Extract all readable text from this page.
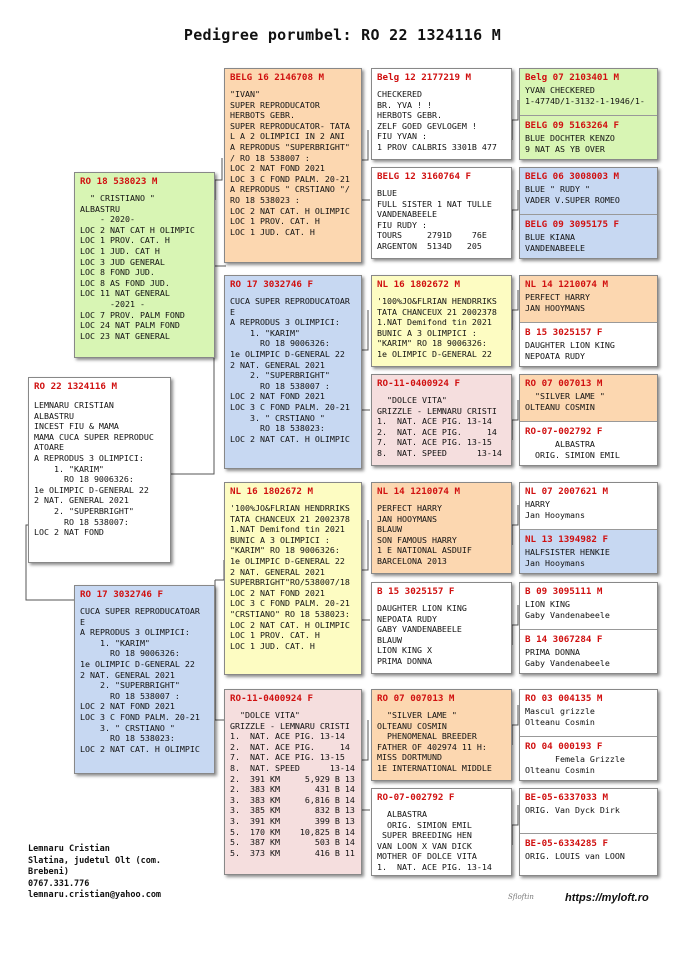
Pedigree porumbel: RO 22 1324116 M
RO 22 1324116 M
LEMNARU CRISTIAN
ALBASTRU
INCEST FIU & MAMA
MAMA CUCA SUPER REPRODUC
ATOARE
A REPRODUS 3 OLIMPICI:
1. "KARIM"
RO 18 9006326:
1e OLIMPIC D-GENERAL 22
2 NAT. GENERAL 2021
2. "SUPERBRIGHT"
RO 18 538007:
LOC 2 NAT FOND
RO 18 538023 M
" CRISTIANO "
ALBASTRU
- 2020-
LOC 2 NAT CAT H OLIMPIC
LOC 1 PROV. CAT. H
LOC 1 JUD. CAT H
LOC 3 JUD GENERAL
LOC 8 FOND JUD.
LOC 8 AS FOND JUD.
LOC 11 NAT GENERAL
-2021 -
LOC 7 PROV. PALM FOND
LOC 24 NAT PALM FOND
LOC 23 NAT GENERAL
RO 17 3032746 F
CUCA SUPER REPRODUCATOAR
E
A REPRODUS 3 OLIMPICI:
1. "KARIM"
RO 18 9006326:
1e OLIMPIC D-GENERAL 22
2 NAT. GENERAL 2021
2. "SUPERBRIGHT"
RO 18 538007 :
LOC 2 NAT FOND 2021
LOC 3 C FOND PALM. 20-21
3. " CRSTIANO "
RO 18 538023:
LOC 2 NAT CAT. H OLIMPIC
BELG 16 2146708 M
"IVAN"
SUPER REPRODUCATOR
HERBOTS GEBR.
SUPER REPRODUCATOR- TATA
L A 2 OLIMPICI IN 2 ANI
A REPRODUS "SUPERBRIGHT"
/ RO 18 538007 :
LOC 2 NAT FOND 2021
LOC 3 C FOND PALM. 20-21
A REPRODUS " CRSTIANO "/
RO 18 538023 :
LOC 2 NAT CAT. H OLIMPIC
LOC 1 PROV. CAT. H
LOC 1 JUD. CAT. H
RO 17 3032746 F
CUCA SUPER REPRODUCATOAR
E
A REPRODUS 3 OLIMPICI:
1. "KARIM"
RO 18 9006326:
1e OLIMPIC D-GENERAL 22
2 NAT. GENERAL 2021
2. "SUPERBRIGHT"
RO 18 538007 :
LOC 2 NAT FOND 2021
LOC 3 C FOND PALM. 20-21
3. " CRSTIANO "
RO 18 538023:
LOC 2 NAT CAT. H OLIMPIC
NL 16 1802672 M
'100%JO&FLRIAN HENDRRIKS
TATA CHANCEUX 21 2002378
1.NAT Demifond tin 2021
BUNIC A 3 OLIMPICI :
"KARIM" RO 18 9006326:
1e OLIMPIC D-GENERAL 22
2 NAT. GENERAL 2021
SUPERBRIGHT"RO/538007/18
LOC 2 NAT FOND 2021
LOC 3 C FOND PALM. 20-21
"CRSTIANO" RO 18 538023:
LOC 2 NAT CAT. H OLIMPIC
LOC 1 PROV. CAT. H
LOC 1 JUD. CAT. H
RO-11-0400924 F
"DOLCE VITA"
GRIZZLE - LEMNARU CRISTI
1.  NAT. ACE PIG. 13-14
2.  NAT. ACE PIG.     14
7.  NAT. ACE PIG. 13-15
8.  NAT. SPEED      13-14
2.  391 KM     5,929 B 13
2.  383 KM       431 B 14
3.  383 KM     6,816 B 14
3.  385 KM       832 B 13
3.  391 KM       399 B 13
5.  170 KM    10,825 B 14
5.  387 KM       503 B 14
5.  373 KM       416 B 11
Belg 12 2177219 M
CHECKERED
BR. YVA ! !
HERBOTS GEBR.
ZELF GOED GEVLOGEM !
FIU YVAN :
1 PROV CALBRIS 3301B 477
BELG 12 3160764 F
BLUE
FULL SISTER 1 NAT TULLE
VANDENABEELE
FIU RUDY :
TOURS     2791D    76E
ARGENTON  5134D   205
NL 16 1802672 M
'100%JO&FLRIAN HENDRRIKS
TATA CHANCEUX 21 2002378
1.NAT Demifond tin 2021
BUNIC A 3 OLIMPICI :
"KARIM" RO 18 9006326:
1e OLIMPIC D-GENERAL 22
RO-11-0400924 F
"DOLCE VITA"
GRIZZLE - LEMNARU CRISTI
1.  NAT. ACE PIG. 13-14
2.  NAT. ACE PIG.     14
7.  NAT. ACE PIG. 13-15
8.  NAT. SPEED      13-14
NL 14 1210074 M
PERFECT HARRY
JAN HOOYMANS
BLAUW
SON FAMOUS HARRY
1 E NATIONAL ASDUIF
BARCELONA 2013
B 15 3025157 F
DAUGHTER LION KING
NEPOATA RUDY
GABY VANDENABEELE
BLAUW
LION KING X
PRIMA DONNA
RO 07 007013 M
"SILVER LAME "
OLTEANU COSMIN
PHENOMENAL BREEDER
FATHER OF 402974 11 H:
MISS DORTMUND
1E INTERNATIONAL MIDDLE
RO-07-002792 F
ALBASTRA
ORIG. SIMION EMIL
SUPER BREEDING HEN
VAN LOON X VAN DICK
MOTHER OF DOLCE VITA
1.  NAT. ACE PIG. 13-14
Belg 07 2103401 M
YVAN CHECKERED
1-4774D/1-3132-1-1946/1-
BELG 09 5163264 F
BLUE DOCHTER KENZO
9 NAT AS YB OVER
BELG 06 3008003 M
BLUE " RUDY "
VADER V.SUPER ROMEO
BELG 09 3095175 F
BLUE KIANA
VANDENABEELE
NL 14 1210074 M
PERFECT HARRY
JAN HOOYMANS
B 15 3025157 F
DAUGHTER LION KING
NEPOATA RUDY
RO 07 007013 M
"SILVER LAME "
OLTEANU COSMIN
RO-07-002792 F
ALBASTRA
ORIG. SIMION EMIL
NL 07 2007621 M
HARRY
Jan Hooymans
NL 13 1394982 F
HALFSISTER HENKIE
Jan Hooymans
B 09 3095111 M
LION KING
Gaby Vandenabeele
B 14 3067284 F
PRIMA DONNA
Gaby Vandenabeele
RO 03 004135 M
Mascul grizzle
Olteanu Cosmin
RO 04 000193 F
Femela Grizzle
Olteanu Cosmin
BE-05-6337033 M
ORIG. Van Dyck Dirk
BE-05-6334285 F
ORIG. LOUIS van LOON
Lemnaru Cristian
Slatina, judetul Olt (com.
Brebeni)
0767.331.776
lemnaru.cristian@yahoo.com	Sfloftin	https://myloft.ro
